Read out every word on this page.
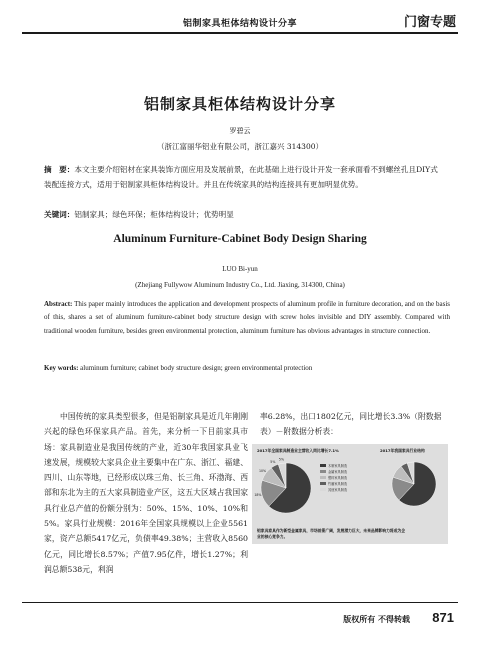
铝制家具柜体结构设计分享	门窗专题
铝制家具柜体结构设计分享
罗碧云
（浙江富丽华铝业有限公司，浙江嘉兴 314300）
摘　要：本文主要介绍铝材在家具装饰方面应用及发展前景，在此基础上进行设计开发一套承面看不到螺丝孔且DIY式装配连接方式，适用于铝制家具柜体结构设计。并且在传统家具的结构连接具有更加明显优势。
关键词：铝制家具；绿色环保；柜体结构设计；优势明显
Aluminum Furniture-Cabinet Body Design Sharing
LUO Bi-yun
(Zhejiang Fullywow Aluminum Industry Co., Ltd. Jiaxing, 314300, China)
Abstract: This paper mainly introduces the application and development prospects of aluminum profile in furniture decoration, and on the basis of this, shares a set of aluminum furniture-cabinet body structure design with screw holes invisible and DIY assembly. Compared with traditional wooden furniture, besides green environmental protection, aluminum furniture has obvious advantages in structure connection.
Key words: aluminum furniture; cabinet body structure design; green environmental protection
中国传统的家具类型很多，但是铝制家具是近几年刚刚兴起的绿色环保家具产品。首先，来分析一下目前家具市场：家具制造业是我国传统的产业，近30年我国家具业飞速发展，规模较大家具企业主要集中在广东、浙江、福建、四川、山东等地，已经形成以珠三角、长三角、环渤海、西部和东北为主的五大家具制造业产区，这五大区域占我国家具行业总产值的份额分别为：50%、15%、10%、10%和5%。家具行业规模：2016年全国家具规模以上企业5561家，资产总额5417亿元，负债率49.38%；主营收入8560亿元，同比增长8.57%；产值7.95亿件，增长1.27%；利润总额538元，利润
率6.28%，出口1802亿元，同比增长3.3%（附数据表）－附数据分析表：
2017年全国家具制造业主营收入同比增长7.1%	2017年我国家具行业结构
18%
10%
5%
5%
木制家具制造
金属家具制造
塑料家具制造
竹藤家具制造
其他家具制造
铝家具家具作为新型金属家具，市场前景广阔，发展潜力巨大，未来品牌影响力将成为企业的核心竞争力。
版权所有 不得转载 871
